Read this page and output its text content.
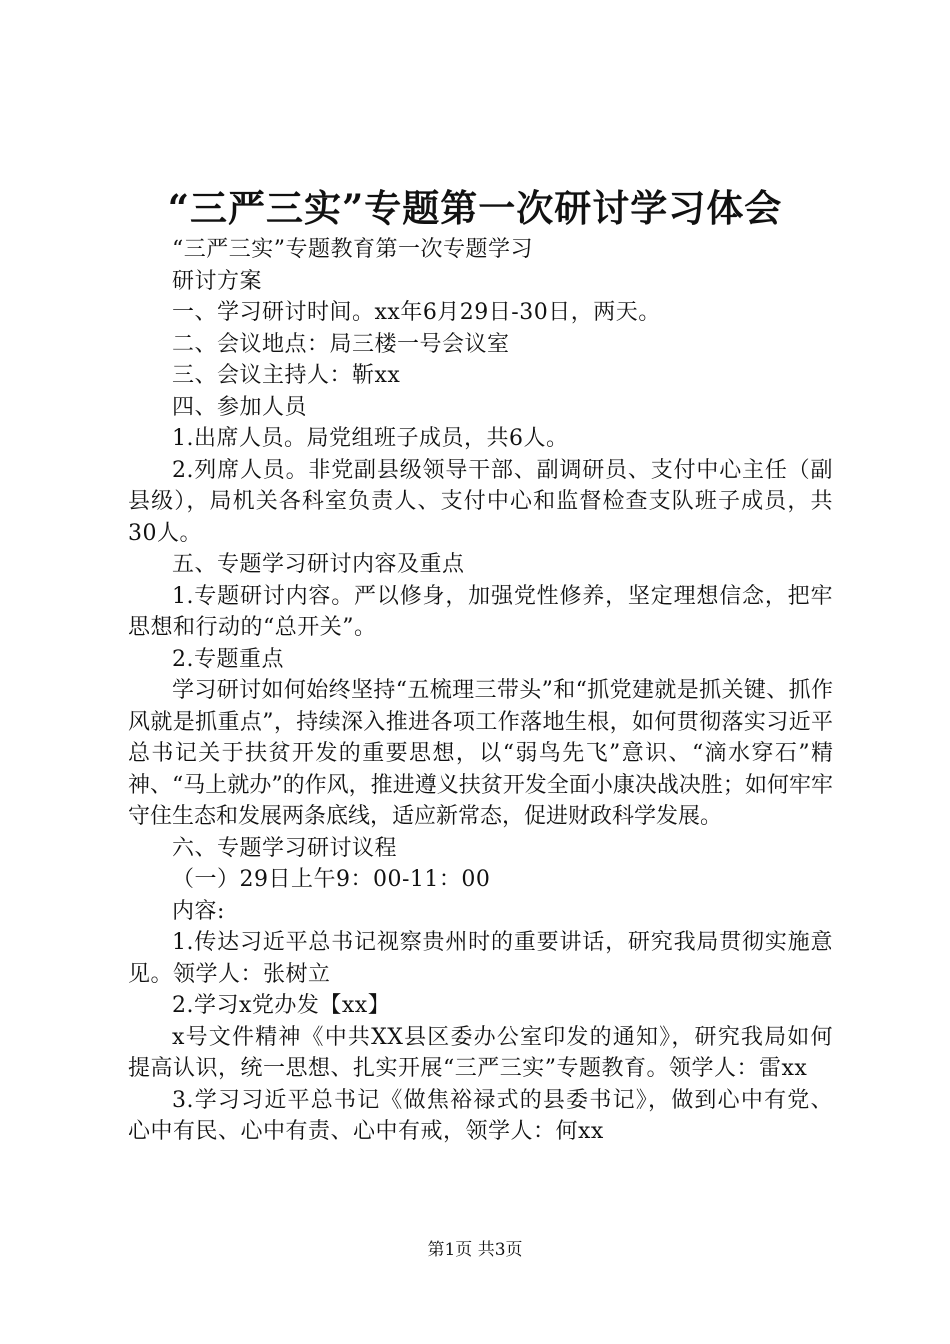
“三严三实”专题第一次研讨学习体会

“三严三实”专题教育第一次专题学习

研讨方案

一、学习研讨时间。xx年6月29日-30日，两天。

二、会议地点：局三楼一号会议室

三、会议主持人：靳xx

四、参加人员

1.出席人员。局党组班子成员，共6人。

2.列席人员。非党副县级领导干部、副调研员、支付中心主任（副县级），局机关各科室负责人、支付中心和监督检查支队班子成员，共30人。

五、专题学习研讨内容及重点

1.专题研讨内容。严以修身，加强党性修养，坚定理想信念，把牢思想和行动的“总开关”。

2.专题重点

学习研讨如何始终坚持“五梳理三带头”和“抓党建就是抓关键、抓作风就是抓重点”，持续深入推进各项工作落地生根，如何贯彻落实习近平总书记关于扶贫开发的重要思想，以“弱鸟先飞”意识、“滴水穿石”精神、“马上就办”的作风，推进遵义扶贫开发全面小康决战决胜；如何牢牢守住生态和发展两条底线，适应新常态，促进财政科学发展。

六、专题学习研讨议程

（一）29日上午9：00-11：00

内容:

1.传达习近平总书记视察贵州时的重要讲话，研究我局贯彻实施意见。领学人：张树立

2.学习x党办发【xx】

x号文件精神《中共XX县区委办公室印发的通知》，研究我局如何提高认识，统一思想、扎实开展“三严三实”专题教育。领学人：雷xx

3.学习习近平总书记《做焦裕禄式的县委书记》，做到心中有党、心中有民、心中有责、心中有戒，领学人：何xx

第1页 共3页
